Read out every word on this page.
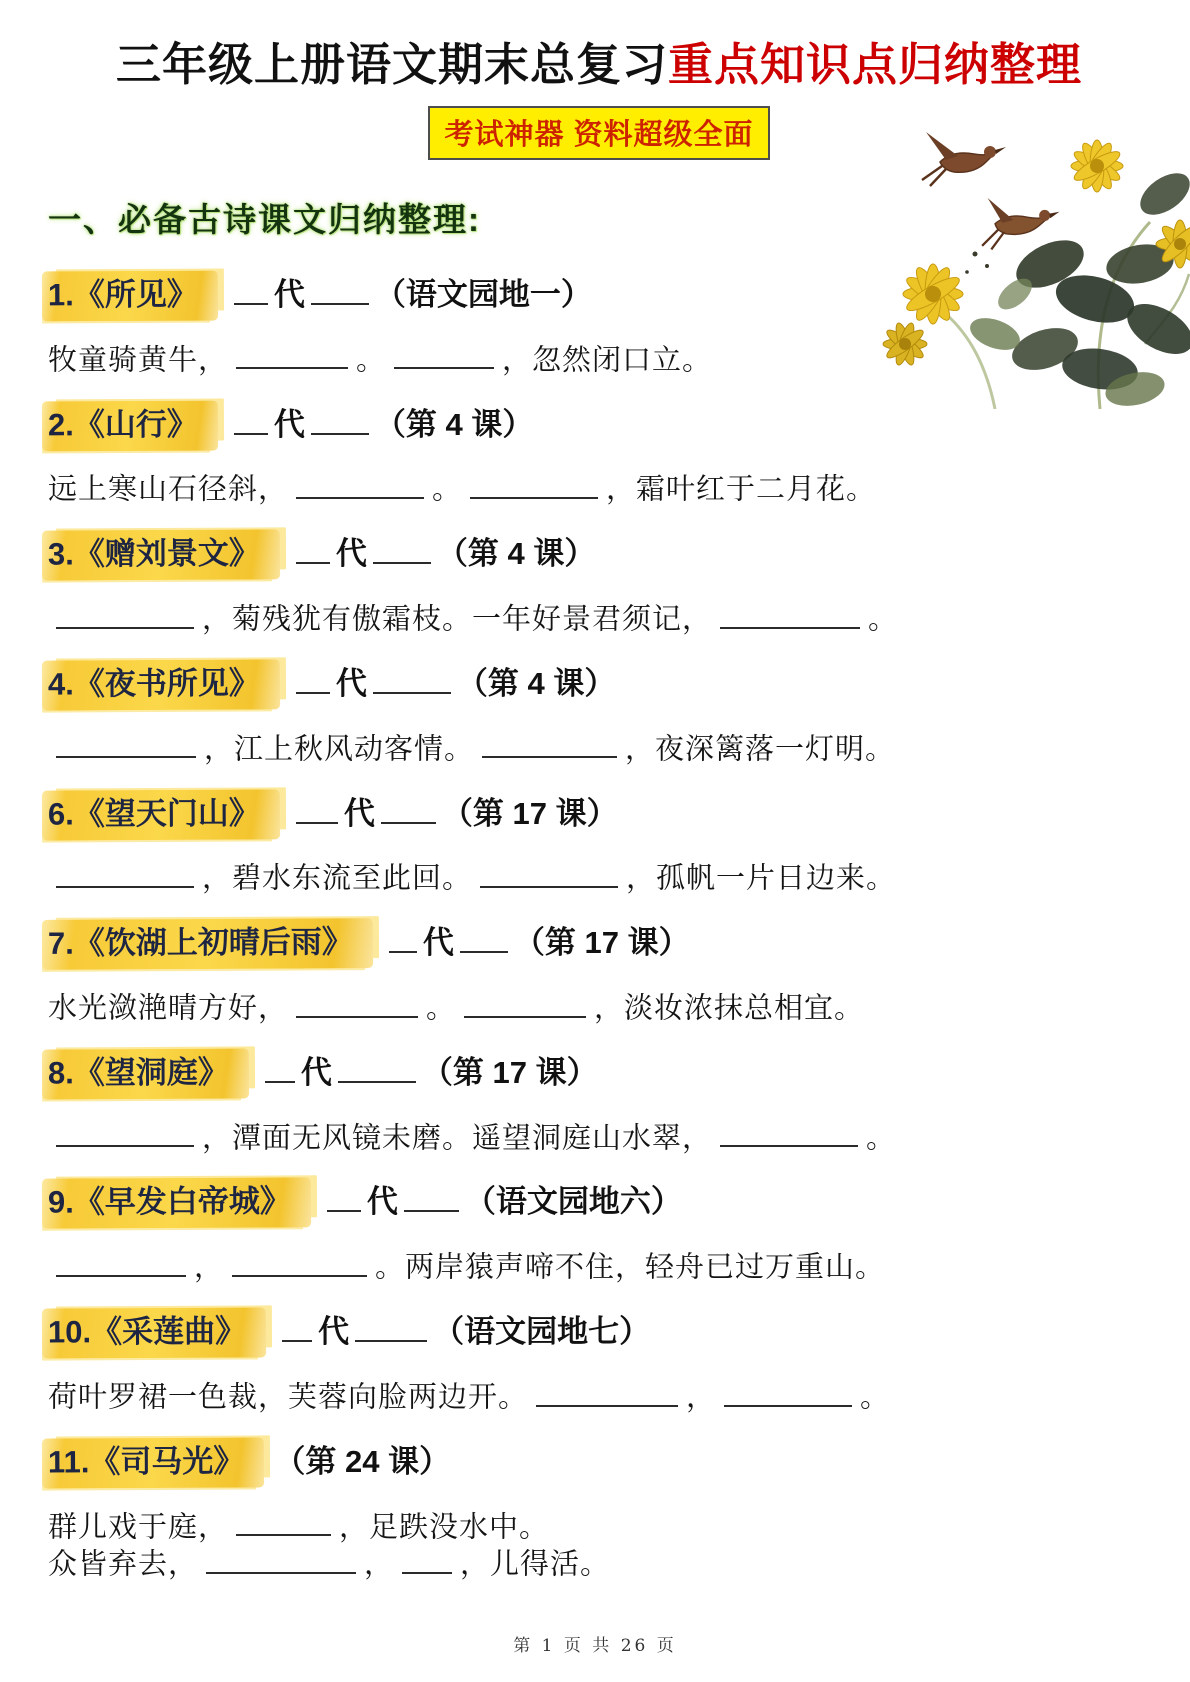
三年级上册语文期末总复习重点知识点归纳整理
考试神器 资料超级全面
一、必备古诗课文归纳整理:
1.《所见》 代 （语文园地一）
牧童骑黄牛，	。	，忽然闭口立。
2.《山行》 代 （第 4 课）
远上寒山石径斜，	。	，霜叶红于二月花。
3.《赠刘景文》 代 （第 4 课）
，菊残犹有傲霜枝。一年好景君须记，	。
4.《夜书所见》 代	（第 4 课）
，江上秋风动客情。	，夜深篱落一灯明。
6.《望天门山》	代 （第 17 课）
，碧水东流至此回。	，孤帆一片日边来。
7.《饮湖上初晴后雨》 代 （第 17 课）
水光潋滟晴方好，	。	，淡妆浓抹总相宜。
8.《望洞庭》 代	（第 17 课）
，潭面无风镜未磨。遥望洞庭山水翠，	。
9.《早发白帝城》 代 （语文园地六）
，	。两岸猿声啼不住，轻舟已过万重山。
10.《采莲曲》 代	（语文园地七）
荷叶罗裙一色裁，芙蓉向脸两边开。	，	。
11.《司马光》 （第 24 课）
群儿戏于庭，	，足跌没水中。
众皆弃去，	， ，儿得活。
第 1 页 共 26 页
